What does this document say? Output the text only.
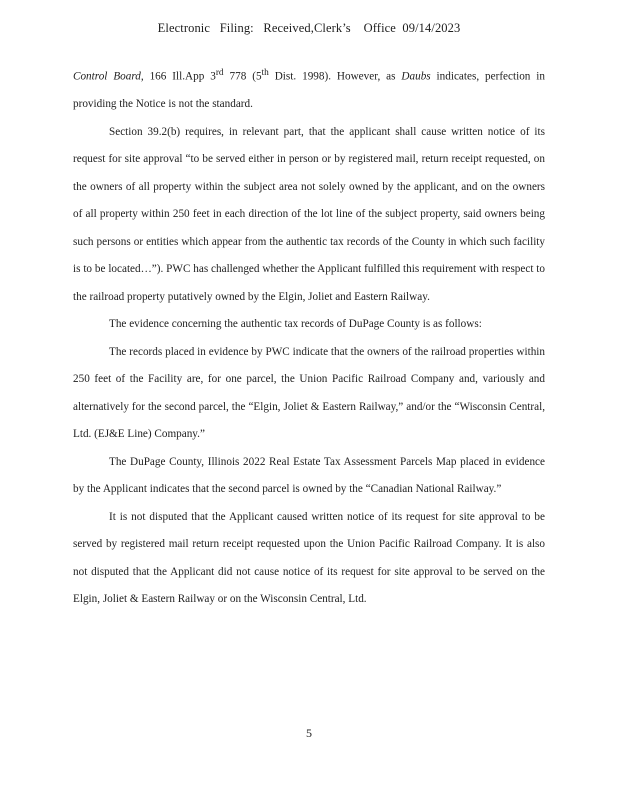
Electronic   Filing:   Received,Clerk’s    Office  09/14/2023

Control Board, 166 Ill.App 3rd 778 (5th Dist. 1998). However, as Daubs indicates, perfection in providing the Notice is not the standard.

Section 39.2(b) requires, in relevant part, that the applicant shall cause written notice of its request for site approval “to be served either in person or by registered mail, return receipt requested, on the owners of all property within the subject area not solely owned by the applicant, and on the owners of all property within 250 feet in each direction of the lot line of the subject property, said owners being such persons or entities which appear from the authentic tax records of the County in which such facility is to be located…”). PWC has challenged whether the Applicant fulfilled this requirement with respect to the railroad property putatively owned by the Elgin, Joliet and Eastern Railway.

The evidence concerning the authentic tax records of DuPage County is as follows:

The records placed in evidence by PWC indicate that the owners of the railroad properties within 250 feet of the Facility are, for one parcel, the Union Pacific Railroad Company and, variously and alternatively for the second parcel, the “Elgin, Joliet & Eastern Railway,” and/or the “Wisconsin Central, Ltd. (EJ&E Line) Company.”

The DuPage County, Illinois 2022 Real Estate Tax Assessment Parcels Map placed in evidence by the Applicant indicates that the second parcel is owned by the “Canadian National Railway.”

It is not disputed that the Applicant caused written notice of its request for site approval to be served by registered mail return receipt requested upon the Union Pacific Railroad Company. It is also not disputed that the Applicant did not cause notice of its request for site approval to be served on the Elgin, Joliet & Eastern Railway or on the Wisconsin Central, Ltd.

5
